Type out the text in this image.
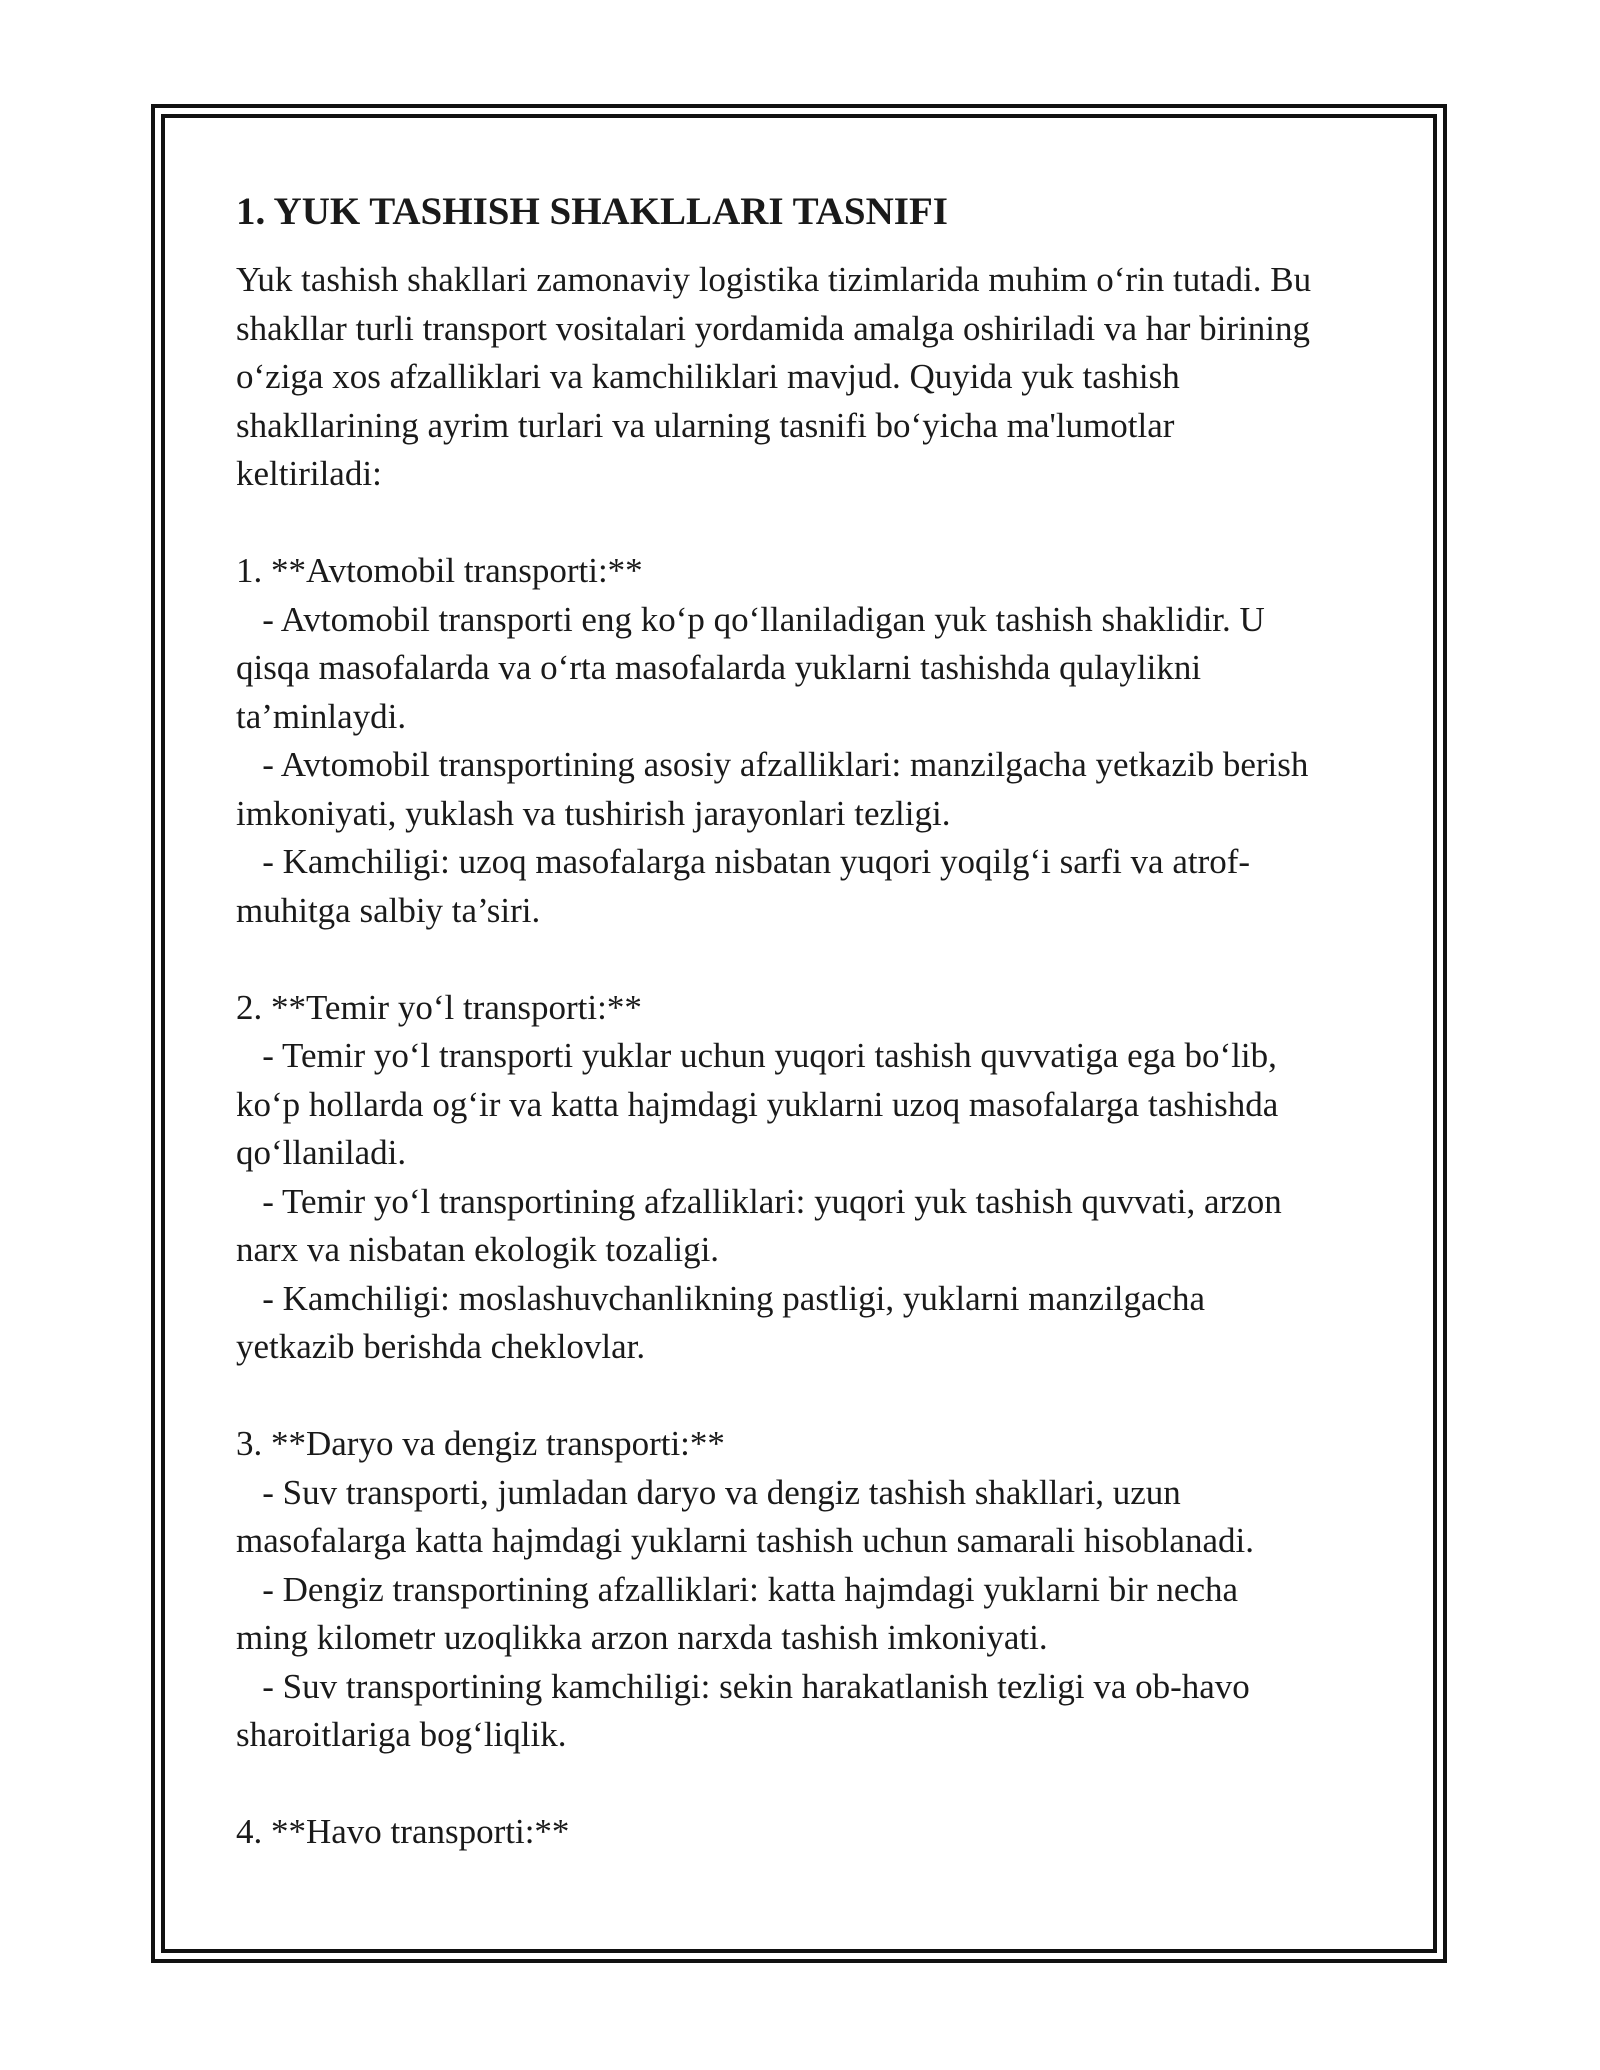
1. YUK TASHISH SHAKLLARI TASNIFI
Yuk tashish shakllari zamonaviy logistika tizimlarida muhim o‘rin tutadi. Bu
shakllar turli transport vositalari yordamida amalga oshiriladi va har birining
o‘ziga xos afzalliklari va kamchiliklari mavjud. Quyida yuk tashish
shakllarining ayrim turlari va ularning tasnifi bo‘yicha ma'lumotlar
keltiriladi:
1. **Avtomobil transporti:**
- Avtomobil transporti eng ko‘p qo‘llaniladigan yuk tashish shaklidir. U
qisqa masofalarda va o‘rta masofalarda yuklarni tashishda qulaylikni
ta’minlaydi.
- Avtomobil transportining asosiy afzalliklari: manzilgacha yetkazib berish
imkoniyati, yuklash va tushirish jarayonlari tezligi.
- Kamchiligi: uzoq masofalarga nisbatan yuqori yoqilg‘i sarfi va atrof-
muhitga salbiy ta’siri.
2. **Temir yo‘l transporti:**
- Temir yo‘l transporti yuklar uchun yuqori tashish quvvatiga ega bo‘lib,
ko‘p hollarda og‘ir va katta hajmdagi yuklarni uzoq masofalarga tashishda
qo‘llaniladi.
- Temir yo‘l transportining afzalliklari: yuqori yuk tashish quvvati, arzon
narx va nisbatan ekologik tozaligi.
- Kamchiligi: moslashuvchanlikning pastligi, yuklarni manzilgacha
yetkazib berishda cheklovlar.
3. **Daryo va dengiz transporti:**
- Suv transporti, jumladan daryo va dengiz tashish shakllari, uzun
masofalarga katta hajmdagi yuklarni tashish uchun samarali hisoblanadi.
- Dengiz transportining afzalliklari: katta hajmdagi yuklarni bir necha
ming kilometr uzoqlikka arzon narxda tashish imkoniyati.
- Suv transportining kamchiligi: sekin harakatlanish tezligi va ob-havo
sharoitlariga bog‘liqlik.
4. **Havo transporti:**
